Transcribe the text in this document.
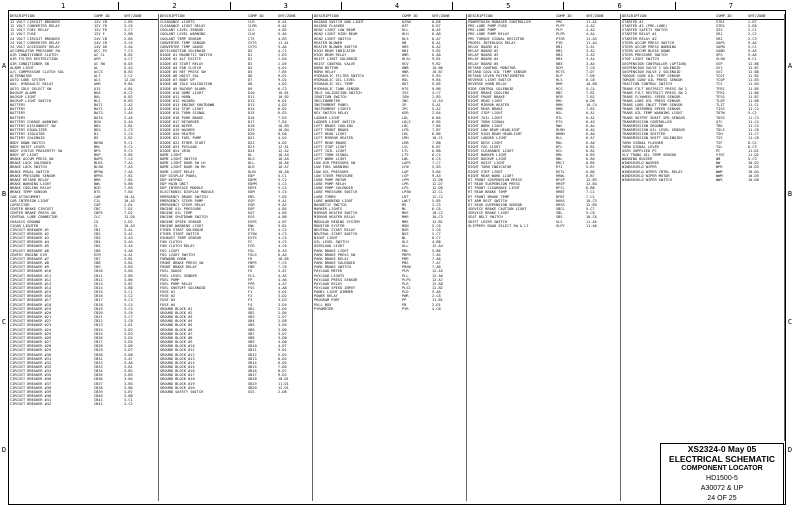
1	2	3	4	5	6	7
A
B
C
D
A
B
C
D
DESCRIPTION	COMP ID	SHT/ZONE
12 VOLT CIRCUIT BREAKER	12V CB	2-B5
12 VOLT CONVERTER RELAY	12V CR	3-C6
12 VOLT FUEL RELAY	12V FR	3-C7
12 VOLT FUSE	12V F	2-B8
24 VOLT CIRCUIT BREAKER	24V CB	2-B5
24 VOLT CONVERTER RELAY	24V CR	3-C6
24 VOLT ACCESSORY RELAY	24V AR	3-A4
ACCUMULATOR PRESSURE SW	ACC PS	7-C3
AIR CONDITIONER CLUTCH	AC CL	8-B2
AIR FILTER RESTRICTION	AFR	4-C7
AIR CONDITIONER SW	AC SW	8-D5
ALARM LIGHT	AL	5-A3
A/C COMPRESSOR CLUTCH SOL	ACCS	8-B3
ALTERNATOR	ALT	2-C2
AUTO LUBE SYSTEM	ALS	12-D4
AUX. HYDRAULIC RELAY	AHR	9-B4
AUTO IDLE SELECT SW	AIS	4-B1
BACKUP ALARM	BUA	6-C2
BACKUP LIGHT	BUL	6-B2
BACKUP LIGHT SWITCH	BLS	6-B3
BATTERY	BAT1	2-A2
BATTERY	BAT2	2-A3
BATTERY	BAT3	2-A4
BATTERY	BAT4	2-A5
BATTERY CHARGE WARNING	BCW	5-A4
BATTERY DISCONNECT SW	BDS	2-B1
BATTERY EQUALIZER	BEQ	2-C3
BATTERY ISOLATOR	BI	2-C4
BATTERY SOLENOID	BS	2-B2
BODY DOWN SWITCH	BDSW	9-C1
BODY HOIST LEVER	BHL	9-C2
BODY STATUS PROXIMITY SW	BPS	9-C3
BODY UP LIGHT	BUP	5-B5
BRAKE ACCUM PRESS SW	BAPS	7-C4
BRAKE LOCK SOLENOID	BLKS	7-A2
BRAKE LOCK SWITCH	BLSW	7-A3
BRAKE PEDAL SWITCH	BPSW	7-A4
BRAKE PRESSURE SENSOR	BPRS	7-B1
BRAKE RETARD RELAY	BRR	7-B2
BRAKE WARNING LIGHT	BWL	5-B6
BRAKE COOLING RELAY	BCR	7-B3
BRAKE TEMP SENSOR	BTS	7-B4
CAB ATTACHMENT	CAB	10-A1
CAB INTERIOR LIGHT	CIL	10-A2
CAPACITOR	CAP	2-D1
CENTER BRAKE CIRCUIT	CBC	7-D1
CENTER BRAKE PRESS SW	CBPS	7-D2
CENTRAL LUBE CONNECTOR	CLC	12-D5
CHASSIS GROUND	CG	2-D2
CIGAR LIGHTER	CL	10-A3
CIRCUIT BREAKER #1	CB1	3-A1
CIRCUIT BREAKER #2	CB2	3-A2
CIRCUIT BREAKER #3	CB3	3-A3
CIRCUIT BREAKER #4	CB4	3-A4
CIRCUIT BREAKER #5	CB5	3-A5
CIRCUIT BREAKER #6	CB6	3-A6
CENTRY ENGINE ECM	ECM	4-A1
CIRCUIT BREAKER #7	CB7	3-B1
CIRCUIT BREAKER #8	CB8	3-B2
CIRCUIT BREAKER #9	CB9	3-B3
CIRCUIT BREAKER #10	CB10	3-B4
CIRCUIT BREAKER #11	CB11	3-B5
CIRCUIT BREAKER #12	CB12	3-B6
CIRCUIT BREAKER #13	CB13	3-B7
CIRCUIT BREAKER #14	CB14	3-B8
CIRCUIT BREAKER #15	CB15	3-C1
CIRCUIT BREAKER #16	CB16	3-C2
CIRCUIT BREAKER #17	CB17	3-C3
CIRCUIT BREAKER #18	CB18	3-C4
CIRCUIT BREAKER #19	CB19	3-C5
CIRCUIT BREAKER #20	CB20	3-C6
CIRCUIT BREAKER #21	CB21	3-C7
CIRCUIT BREAKER #22	CB22	3-C8
CIRCUIT BREAKER #23	CB23	3-D1
CIRCUIT BREAKER #24	CB24	3-D2
CIRCUIT BREAKER #25	CB25	3-D3
CIRCUIT BREAKER #26	CB26	3-D4
CIRCUIT BREAKER #27	CB27	3-D5
CIRCUIT BREAKER #28	CB28	3-D6
CIRCUIT BREAKER #29	CB29	3-D7
CIRCUIT BREAKER #30	CB30	3-D8
CIRCUIT BREAKER #31	CB31	3-A7
CIRCUIT BREAKER #32	CB32	3-A8
CIRCUIT BREAKER #33	CB33	3-B1
CIRCUIT BREAKER #34	CB34	3-B2
CIRCUIT BREAKER #35	CB35	3-B3
CIRCUIT BREAKER #36	CB36	3-B4
CIRCUIT BREAKER #37	CB37	3-B5
CIRCUIT BREAKER #38	CB38	3-B6
CIRCUIT BREAKER #39	CB39	3-B7
CIRCUIT BREAKER #40	CB40	3-B8
CIRCUIT BREAKER #41	CB41	3-C1
CIRCUIT BREAKER #42	CB42	3-C2
DESCRIPTION	COMP ID	SHT/ZONE
CLEARANCE LIGHTS	CLR	6-A1
CLEARANCE LIGHT RELAY	CLRR	6-A2
COOLANT LEVEL SENSOR	CLS	4-B2
COOLANT LEVEL WARNING	CLW	5-A5
COOLANT TEMP SENSOR	CTS	4-B3
CONVERTER TEMP SENSOR	CVTS	11-A1
CONVERTER TEMP GAUGE	CVTG	5-A6
DECELERATION SOLENOID	DS	4-C1
DIODE #1 MAGNETIC SWITCH	D1	2-D3
DIODE #2 ALT EXCITE	D2	2-D4
DIODE #3 START RELAY	D3	2-D5
DIODE #4 FAN CLUTCH	D4	4-D1
DIODE #5 RET PRESS SW	D5	7-B5
DIODE #6 HOIST SOL	D6	9-D1
DIODE #7 BODY UP	D7	9-D2
DIODE #8 IDLE VALIDATION	D8	4-D2
DIODE #9 BACKUP ALARM	D9	6-C3
DIODE #10 DOME LIGHT	D10	10-B1
DIODE #11 HORN	D11	10-B2
DIODE #12 HAZARD	D12	6-D1
DIODE #13 ENGINE SHUTDOWN	D13	4-D3
DIODE #14 STOP LIGHT	D14	6-D2
DIODE #15 TURN SIGNAL	D15	6-D3
DIODE #16 PARK BRAKE	D16	7-D3
DIODE #17 RETARDER	D17	7-D4
DIODE #18 WIPER	D18	10-B3
DIODE #19 WASHER	D19	10-B4
DIODE #20 HEATER	D20	8-D6
DIODE #21 FUEL PUMP	D21	4-D4
DIODE #22 ETHER START	D22	4-D5
DIODE #23 PAYLOAD	D23	12-A1
DIODE #24 GRID	D24	12-A2
DOME LIGHT	DL	10-A4
DOME LIGHT SWITCH	DLS	10-A5
DOME LIGHT DOOR SW LH	DLL	10-A6
DOME LIGHT DOOR SW RH	DLR	10-A7
DOME LIGHT RELAY	DLRL	10-A8
EDP DISPLAY PANEL	EDP	5-C1
EDP KEYPAD	EDPK	5-C2
EDP MAIN UNIT	EDPM	5-C3
EDP INTERFACE MODULE	EDPI	5-C4
ELECTRONIC DISPLAY MODULE	EDM	5-C5
EMERGENCY BRAKE SWITCH	EBS	7-D5
EMERGENCY STEER PUMP	ESP	9-A1
EMERGENCY STEER RELAY	ESR	9-A2
ENGINE OIL PRESSURE	EOP	4-B4
ENGINE OIL TEMP	EOT	4-B5
ENGINE SHUTDOWN SWITCH	ESS	4-B6
ENGINE SPEED SENSOR	ESPS	4-B7
ENGINE WARNING LIGHT	EWL	5-B1
ETHER START SOLENOID	ETS	4-C2
ETHER START SWITCH	ETSW	4-C3
EXHAUST TEMP SENSOR	EXTS	4-C4
FAN CLUTCH	FC	4-C5
FAN CLUTCH RELAY	FCR	4-C6
FOG LIGHT	FGL	6-A3
FOG LIGHT SWITCH	FGLS	6-A4
FORWARD HORN	FH	10-B5
FRONT BRAKE PRESS SW	FBPS	7-C5
FRONT BRAKE RELAY	FBR	7-C6
FUEL GAUGE	FG	5-A7
FUEL LEVEL SENDER	FLS	4-A5
FUEL PUMP	FP	4-A6
FUEL PUMP RELAY	FPR	4-A7
FUEL SHUTOFF SOLENOID	FSS	4-A8
FUSE #1	F1	3-D1
FUSE #2	F2	3-D2
FUSE #3	F3	3-D3
FUSE #4	F4	3-D4
GROUND BLOCK #1	GB1	2-D5
GROUND BLOCK #2	GB2	2-D6
GROUND BLOCK #3	GB3	2-D7
GROUND BLOCK #4	GB4	2-D8
GROUND BLOCK #5	GB5	3-D5
GROUND BLOCK #6	GB6	3-D6
GROUND BLOCK #7	GB7	3-D7
GROUND BLOCK #8	GB8	3-D8
GROUND BLOCK #9	GB9	4-D6
GROUND BLOCK #10	GB10	4-D7
GROUND BLOCK #11	GB11	5-D1
GROUND BLOCK #12	GB12	5-D2
GROUND BLOCK #13	GB13	6-D4
GROUND BLOCK #14	GB14	6-D5
GROUND BLOCK #15	GB15	7-D6
GROUND BLOCK #16	GB16	8-D7
GROUND BLOCK #17	GB17	9-D3
GROUND BLOCK #18	GB18	10-D1
GROUND BLOCK #19	GB19	11-D1
GROUND BLOCK #20	GB20	12-D1
GROUND SAFETY SWITCH	GSS	2-D8
DESCRIPTION	COMP ID	SHT/ZONE
HAZARD SWITCH AND LIGHT	HZSW	6-D6
HAZARD FLASHER	HZF	6-D7
HEAD LIGHT LOW BEAM	HLL	6-A5
HEAD LIGHT HIGH BEAM	HLH	6-A6
HEAD LIGHT SWITCH	HLS	6-A7
HEATER BLOWER	HB	8-A1
HEATER BLOWER SWITCH	HBS	8-A2
HIGH BEAM INDICATOR	HBI	5-B2
HIGH BEAM RELAY	HBR	6-A8
HOIST LIMIT SOLENOID	HLSL	9-B1
HOIST CONTROL VALVE	HCV	9-B2
HORN BUTTON	HNB	10-B6
HORN RELAY	HNR	10-B7
HYDRAULIC FILTER SWITCH	HFS	9-B3
HYDRAULIC OIL LEVEL	HOL	9-B4
HYDRAULIC OIL TEMP	HOT	9-B5
HYDRAULIC TANK SENSOR	HTS	9-B6
IDLE VALIDATION SWITCH	IVS	4-C7
IGNITION SWITCH	IGN	2-B3
INCLINOMETER	INC	12-A3
INSTRUMENT PANEL	IP	5-A1
INSTRUMENT LIGHTS	IPL	5-A2
KEY SWITCH RELAY	KSR	2-B4
LADDER LIGHT	LDL	6-B4
LADDER LIGHT SWITCH	LDLS	6-B5
LEFT BRAKE COOLING	LBC	7-B6
LEFT FRONT BRAKE	LFB	7-B7
LEFT HEAD LIGHT	LHL	6-B6
LEFT MIRROR HEATER	LMH	10-C1
LEFT REAR BRAKE	LRB	7-B8
LEFT STOP LIGHT	LSL	6-B7
LEFT TAIL LIGHT	LTL	6-B8
LEFT TURN SIGNAL	LTS	6-C4
LEFT WORK LIGHT	LWL	6-C5
LOW AIR PRESSURE SW	LAPS	7-C7
LOW FUEL WARNING	LFW	5-B3
LOW OIL PRESSURE	LOP	5-B4
LOW STEER PRESSURE	LSP	9-A3
LUBE PUMP MOTOR	LPM	12-D6
LUBE PUMP RELAY	LPR	12-D7
LUBE PUMP SOLENOID	LPS	12-D8
LUBE PRESSURE SWITCH	LPSW	12-C1
LUBE TIMER	LBT	12-C2
LUBE WARNING LIGHT	LWLT	5-B5
MAGNETIC SWITCH	MS	2-C5
MARKER LIGHTS	ML	6-C6
MIRROR HEATER SWITCH	MHS	10-C2
MIRROR HEATER RELAY	MHR	10-C3
MODULAR MINING SYSTEM	MMS	12-B1
MONITOR SYSTEM	MON	5-C6
NEUTRAL START RELAY	NSR	2-C6
NEUTRAL START SWITCH	NSS	2-C7
NIGHT LIGHT	NL	6-C7
OIL LEVEL SWITCH	OLS	4-B8
OVERLOAD LIGHT	OLL	12-A4
PARK BRAKE LIGHT	PBL	5-B6
PARK BRAKE PRESS SW	PBPS	7-A5
PARK BRAKE RELAY	PBR	7-A6
PARK BRAKE SOLENOID	PBS	7-A7
PARK BRAKE SWITCH	PBSW	7-A8
PAYLOAD METER	PLM	12-A5
PAYLOAD LIGHTS	PLL	12-A6
PAYLOAD PRESS SENSOR	PLPS	12-A7
PAYLOAD RELAY	PLR	12-A8
PAYLOAD SPEED INPUT	PLSI	12-B2
PANEL LIGHT DIMMER	PLD	5-A8
POWER RELAY	PWR	2-C8
PROGRAM PORT	PP	11-B1
PULL BOX	PB	2-D1
PYROMETER	PYR	4-C8
DESCRIPTION	COMP ID	SHT/ZONE
POWERTRAIN MANAGER CONTROLLER	PMC	11-A2
PRE-LUBE PUMP FUSE	PLPF	4-A2
PRE-LUBE PUMP	PLP	4-A3
PRE-LUBE PUMP RELAY	PLPR	4-A4
PMC TORQUE SIGNAL RESISTOR	PTSR	11-A3
PROPEL INTERLOCK RELAY	PIR	11-A4
RELAY BOARD #1	RB1	3-A1
RELAY BOARD #2	RB2	3-A2
RELAY BOARD #3	RB3	3-A3
RELAY BOARD #4	RB4	3-A4
RELAY BOARD #5	RB5	3-A5
RETARD CONTROL MONITOR	RCM	7-C8
RETARD COOL OIL TEMP SENSOR	RCTS	7-D7
RETARD LEVER POTENTIOMETER	RLP	7-D8
REVERSE LIGHT SWITCH	RLS	6-C8
REVERSE HORN RELAY	RHR	10-B8
RIDE CONTROL SOLENOID	RCS	9-C4
RIGHT BRAKE COOLING	RBC	7-B1
RIGHT FRONT BRAKE	RFB	7-B2
RIGHT HEAD LIGHT	RHL	6-D8
RIGHT MIRROR HEATER	RMH	10-C4
RIGHT REAR BRAKE	RRB	7-B3
RIGHT STOP LIGHT	RSL	6-A1
RIGHT TAIL LIGHT	RTL	6-A2
RIGHT TURN SIGNAL	RTS	6-A3
RIGHT WORK LIGHT	RWL	6-A4
RIGHT LOW BEAM HEADLIGHT	RLBH	6-A5
RIGHT HIGH BEAM HEADLIGHT	RHBH	6-A6
RIGHT LADDER LIGHT	RLL	6-A7
RIGHT DECK LIGHT	RDL	6-A8
RIGHT FOG LIGHT	RFL	6-B1
RIGHT CLEARANCE LIGHT	RCL	6-B2
RIGHT MARKER LIGHT	RML	6-B3
RIGHT BACKUP LIGHT	RBL	6-B4
RIGHT HOIST LIGHT	RHLT	6-B5
RIGHT TURN INDICATOR	RTI	5-B7
RIGHT STEP LIGHT	RSTL	6-B6
RIGHT REAR WORK LIGHT	RRWL	6-B7
RT FRONT SUSPENSION PRESS	RFSP	12-B3
RT REAR SUSPENSION PRESS	RRSP	12-B4
RT FRONT CLEARANCE LIGHT	RFCL	6-B8
RT REAR BRAKE TEMP	RRBT	7-C1
RT FRONT BRAKE TEMP	RFBT	7-C2
RT ARM REST SWITCH	RARS	10-C5
RT REAR SUSPENSION SENSOR	RRSS	12-B5
SERVICE BRAKE CAUTION LIGHT	SBCL	5-C7
SERVICE BRAKE LIGHT	SBL	5-C8
SEAT BELT SWITCH	SBS	10-C6
SHIFT LEVER SWITCH	SLS	11-A5
SLIPPERY ROAD SELECT SW & LT	SLPY	11-A6
DESCRIPTION	COMP ID	SHT/ZONE
STARTER #1	STR1	2-D7
STARTER #2 (PRE-LUBE)	STR2	2-D8
STARTER SAFETY SWITCH	SSS	2-C1
STARTER RELAY #1	SR1	2-C2
STARTER RELAY #2	SR2	2-C3
STEER ACCUM PRESS SWITCH	SAPS	9-A4
STEER ACCUM PRESS WARNING	SAPW	5-C1
STEER ACCUM BLEED DOWN	SABD	9-A5
STEER PRESSURE SWITCH	SPS	9-A6
STOP LIGHT SWITCH	SLSW	6-C1
SUSPENSION CONTROLLER (OPTION)	SSP	12-B6
SUSPENSION VALVE 1 SOLENOID	SV1	12-B7
SUSPENSION VALVE 2 SOLENOID	SV2	12-B8
TORQUE CONV OIL TEMP SENSOR	TCOT	11-B2
TORQUE CONV OIL PRESS SENSOR	TCOP	11-B3
TRACTION CONTROL SWITCH	TCS	11-B4
TRANS FILT RESTRICT PRESS SW 1	TFR1	11-B5
TRANS FILT RESTRICT PRESS SW 2	TFR2	11-B6
TRANS FLYWHEEL SPEED SENSOR	TFSS	11-B7
TRANS LUBE OIL PRESS SENSOR	TLOP	11-B8
TRANS LUBE INLET TEMP SENSOR	TLIT	11-C1
TRANS INTERMED SPEED SENSOR	TISS	11-C2
TRANS OIL TEMP WARNING LIGHT	TOTW	5-C2
TRANS OUTPUT SHAFT SPD SENSOR	TOSS	11-C3
TRANSMISSION CONTROLLER	ATC	11-C4
TRANSMISSION GROUND	TMG	11-C5
TRANSMISSION OIL LEVEL SENSOR	TOLS	11-C6
TRANSMISSION SHIFTER	TSH	11-C7
TRANSMISSION SHIFT SOLENOIDS	TSS	11-C8
TURN SIGNAL FLASHER	TSF	6-C2
TURN SIGNAL LEVER	TSL	6-C3
USER SUPPLIED PC	PC	11-D1
VLV TRANS OIL TEMP SENSOR	VTOT	11-D2
WARNING BUZZER	WB	5-C3
WINDSHIELD WASHER	WW	10-D2
WINDSHIELD WIPER	WPR	10-D3
WINDSHIELD WIPER CNTRL RELAY	WWR	10-D4
WINDSHIELD WIPER MOTOR	WWM	10-D5
WINDSHIELD WIPER SWITCH	WWS	10-D6
XS2324-0 May 05
ELECTRICAL SCHEMATIC
COMPONENT LOCATOR
HD1500-5
A30072 & UP
24 OF 25
